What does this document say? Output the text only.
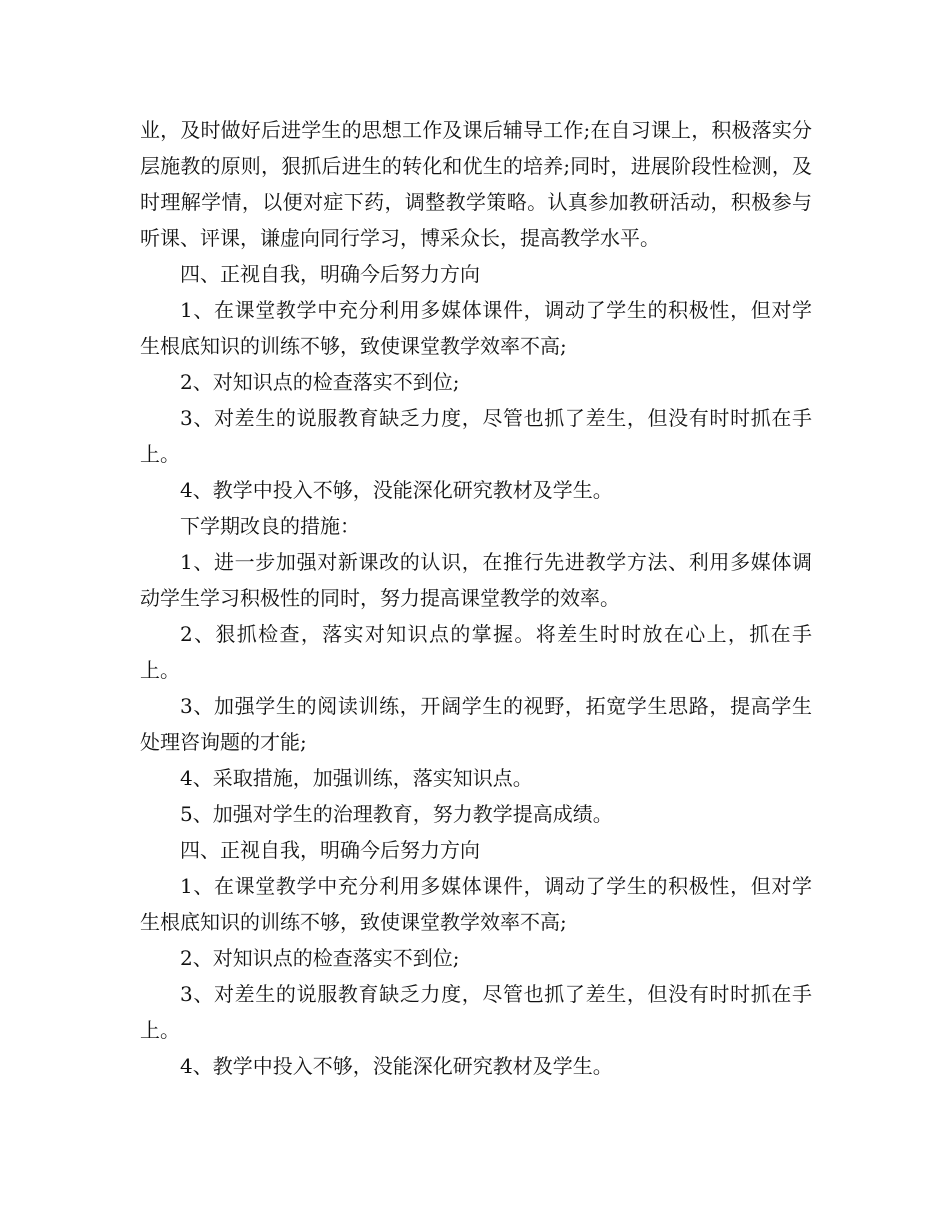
业，及时做好后进学生的思想工作及课后辅导工作;在自习课上，积极落实分层施教的原则，狠抓后进生的转化和优生的培养;同时，进展阶段性检测，及时理解学情，以便对症下药，调整教学策略。认真参加教研活动，积极参与听课、评课，谦虚向同行学习，博采众长，提高教学水平。

四、正视自我，明确今后努力方向

1、在课堂教学中充分利用多媒体课件，调动了学生的积极性，但对学生根底知识的训练不够，致使课堂教学效率不高;

2、对知识点的检查落实不到位;

3、对差生的说服教育缺乏力度，尽管也抓了差生，但没有时时抓在手上。

4、教学中投入不够，没能深化研究教材及学生。

下学期改良的措施：

1、进一步加强对新课改的认识，在推行先进教学方法、利用多媒体调动学生学习积极性的同时，努力提高课堂教学的效率。

2、狠抓检查，落实对知识点的掌握。将差生时时放在心上，抓在手上。

3、加强学生的阅读训练，开阔学生的视野，拓宽学生思路，提高学生处理咨询题的才能;

4、采取措施，加强训练，落实知识点。

5、加强对学生的治理教育，努力教学提高成绩。

四、正视自我，明确今后努力方向

1、在课堂教学中充分利用多媒体课件，调动了学生的积极性，但对学生根底知识的训练不够，致使课堂教学效率不高;

2、对知识点的检查落实不到位;

3、对差生的说服教育缺乏力度，尽管也抓了差生，但没有时时抓在手上。

4、教学中投入不够，没能深化研究教材及学生。
